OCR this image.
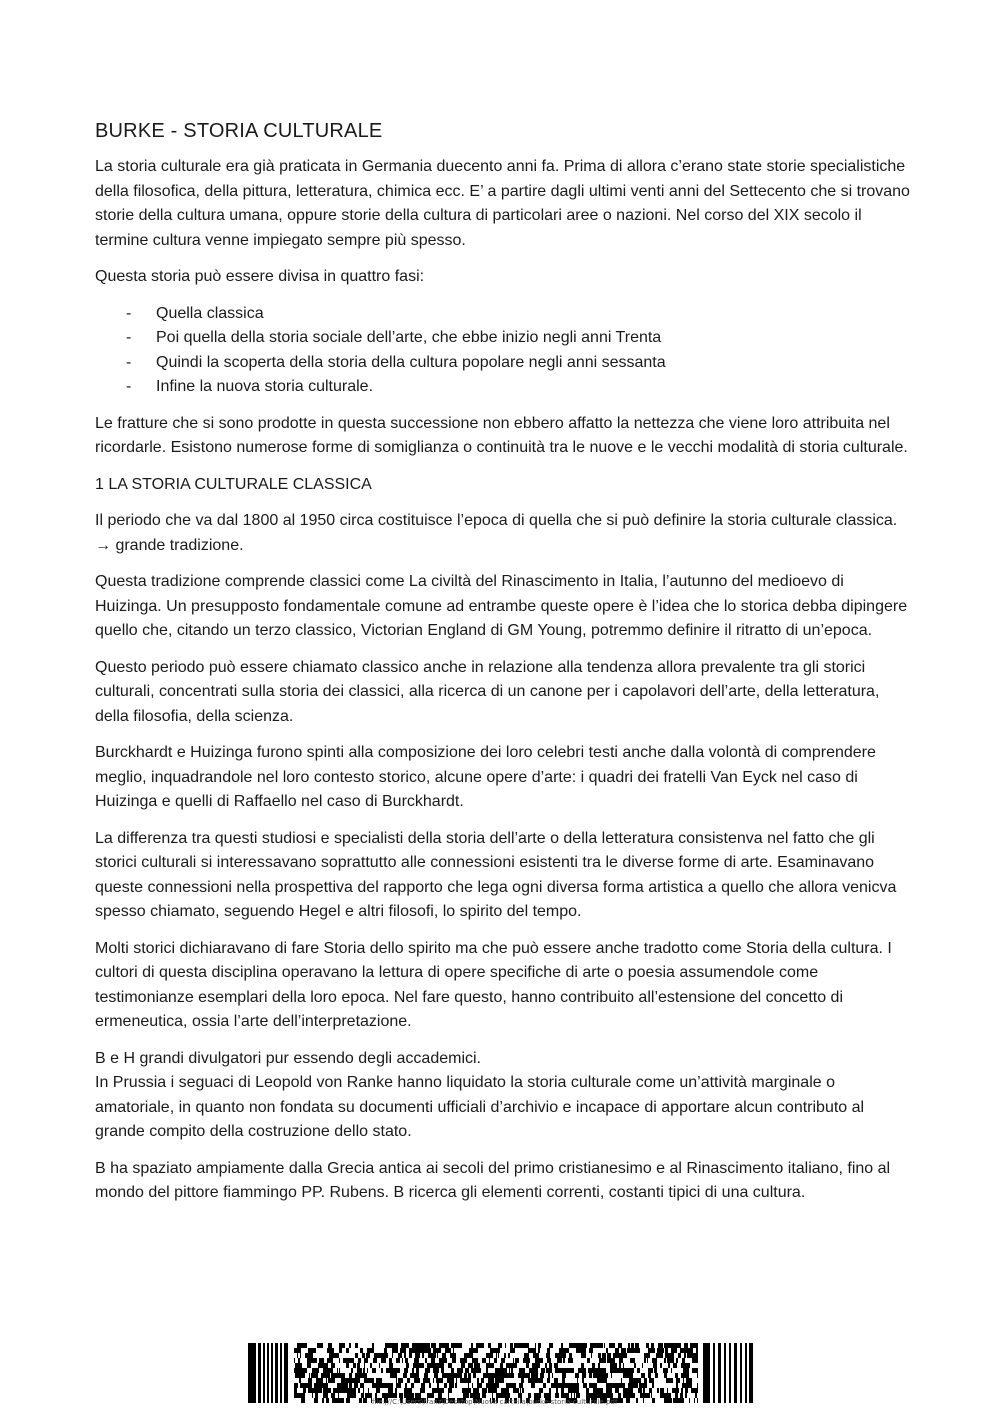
BURKE - STORIA CULTURALE

La storia culturale era già praticata in Germania duecento anni fa. Prima di allora c’erano state storie specialistiche della filosofica, della pittura, letteratura, chimica ecc. E’ a partire dagli ultimi venti anni del Settecento che si trovano storie della cultura umana, oppure storie della cultura di particolari aree o nazioni. Nel corso del XIX secolo il termine cultura venne impiegato sempre più spesso.

Questa storia può essere divisa in quattro fasi:

- Quella classica
- Poi quella della storia sociale dell’arte, che ebbe inizio negli anni Trenta
- Quindi la scoperta della storia della cultura popolare negli anni sessanta
- Infine la nuova storia culturale.

Le fratture che si sono prodotte in questa successione non ebbero affatto la nettezza che viene loro attribuita nel ricordarle. Esistono numerose forme di somiglianza o continuità tra le nuove e le vecchi modalità di storia culturale.

1 LA STORIA CULTURALE CLASSICA

Il periodo che va dal 1800 al 1950 circa costituisce l’epoca di quella che si può definire la storia culturale classica. → grande tradizione.

Questa tradizione comprende classici come La civiltà del Rinascimento in Italia, l’autunno del medioevo di Huizinga. Un presupposto fondamentale comune ad entrambe queste opere è l’idea che lo storica debba dipingere quello che, citando un terzo classico, Victorian England di GM Young, potremmo definire il ritratto di un’epoca.

Questo periodo può essere chiamato classico anche in relazione alla tendenza allora prevalente tra gli storici culturali, concentrati sulla storia dei classici, alla ricerca di un canone per i capolavori dell’arte, della letteratura, della filosofia, della scienza.

Burckhardt e Huizinga furono spinti alla composizione dei loro celebri testi anche dalla volontà di comprendere meglio, inquadrandole nel loro contesto storico, alcune opere d’arte: i quadri dei fratelli Van Eyck nel caso di Huizinga e quelli di Raffaello nel caso di Burckhardt.

La differenza tra questi studiosi e specialisti della storia dell’arte o della letteratura consistenva nel fatto che gli storici culturali si interessavano soprattutto alle connessioni esistenti tra le diverse forme di arte. Esaminavano queste connessioni nella prospettiva del rapporto che lega ogni diversa forma artistica a quello che allora venicva spesso chiamato, seguendo Hegel e altri filosofi, lo spirito del tempo.

Molti storici dichiaravano di fare Storia dello spirito ma che può essere anche tradotto come Storia della cultura. I cultori di questa disciplina operavano la lettura di opere specifiche di arte o poesia assumendole come testimonianze esemplari della loro epoca. Nel fare questo, hanno contribuito all’estensione del concetto di ermeneutica, ossia l’arte dell’interpretazione.

B e H grandi divulgatori pur essendo degli accademici.

In Prussia i seguaci di Leopold von Ranke hanno liquidato la storia culturale come un’attività marginale o amatoriale, in quanto non fondata su documenti ufficiali d’archivio e incapace di apportare alcun contributo al grande compito della costruzione dello stato.

B ha spaziato ampiamente dalla Grecia antica ai secoli del primo cristianesimo e al Rinascimento italiano, fino al mondo del pittore fiammingo PP. Rubens. B ricerca gli elementi correnti, costanti tipici di una cultura.

file:///C:\Users\franz\Desktop\Nuova cartella\burke-storia-culturale.pdf
